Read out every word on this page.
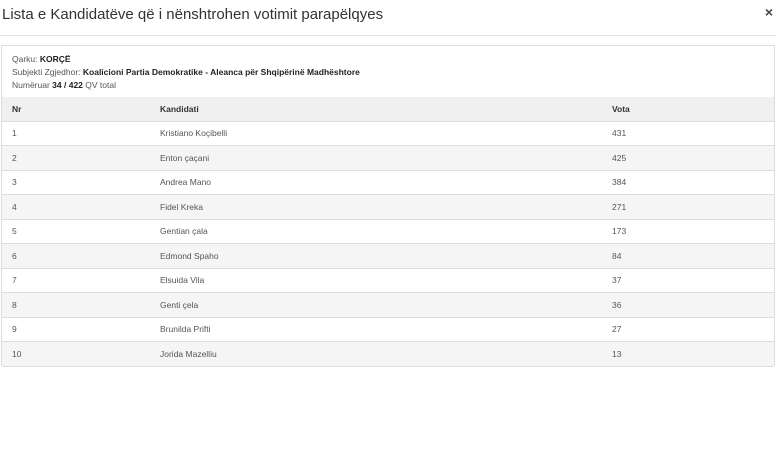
Lista e Kandidatëve që i nënshtrohen votimit parapëlqyes	×
Qarku: KORÇË
Subjekti Zgjedhor: Koalicioni Partia Demokratike - Aleanca për Shqipërinë Madhështore
Numëruar 34 / 422 QV total
Nr	Kandidati	Vota
1	Kristiano Koçibelli	431
2	Enton çaçani	425
3	Andrea Mano	384
4	Fidel Kreka	271
5	Gentian çala	173
6	Edmond Spaho	84
7	Elsuida Vila	37
8	Genti çela	36
9	Brunilda Prifti	27
10	Jorida Mazelliu	13
